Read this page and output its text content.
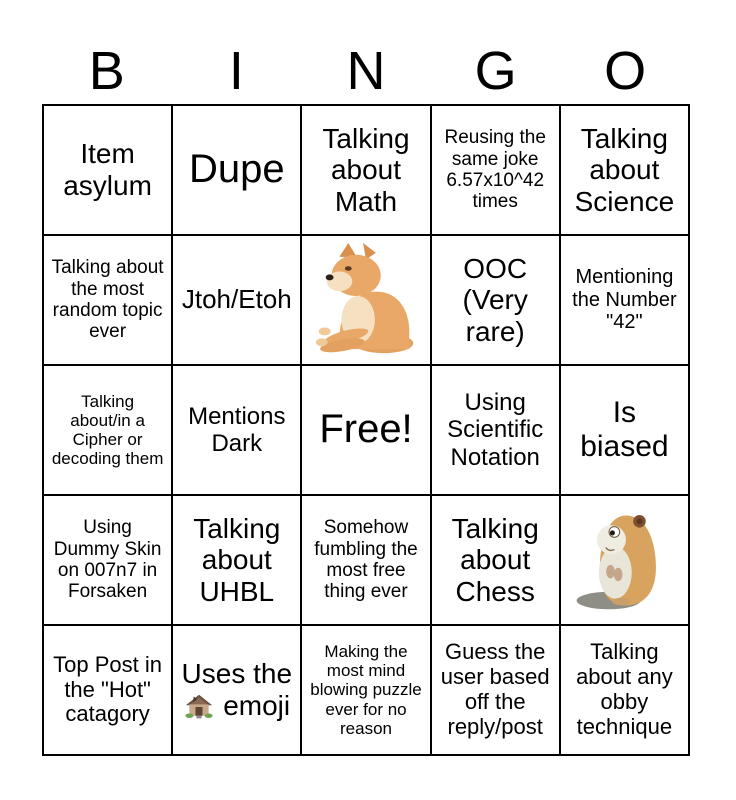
B	I	N	G	O
Item asylum Dupe
Talking about Math
Reusing the same joke 6.57x10^42 times
Talking about Science
Talking about the most random topic ever
Jtoh/Etoh
OOC (Very rare)
Mentioning the Number "42"
Talking about/in a Cipher or decoding them
Mentions Dark	Free!
Using Scientific Notation
Is biased
Using Dummy Skin on 007n7 in Forsaken
Talking about UHBL
Somehow fumbling the most free thing ever
Talking about Chess
Top Post in the "Hot" catagory
Uses the  emoji
Making the most mind blowing puzzle ever for no reason
Guess the user based off the reply/post
Talking about any obby technique
